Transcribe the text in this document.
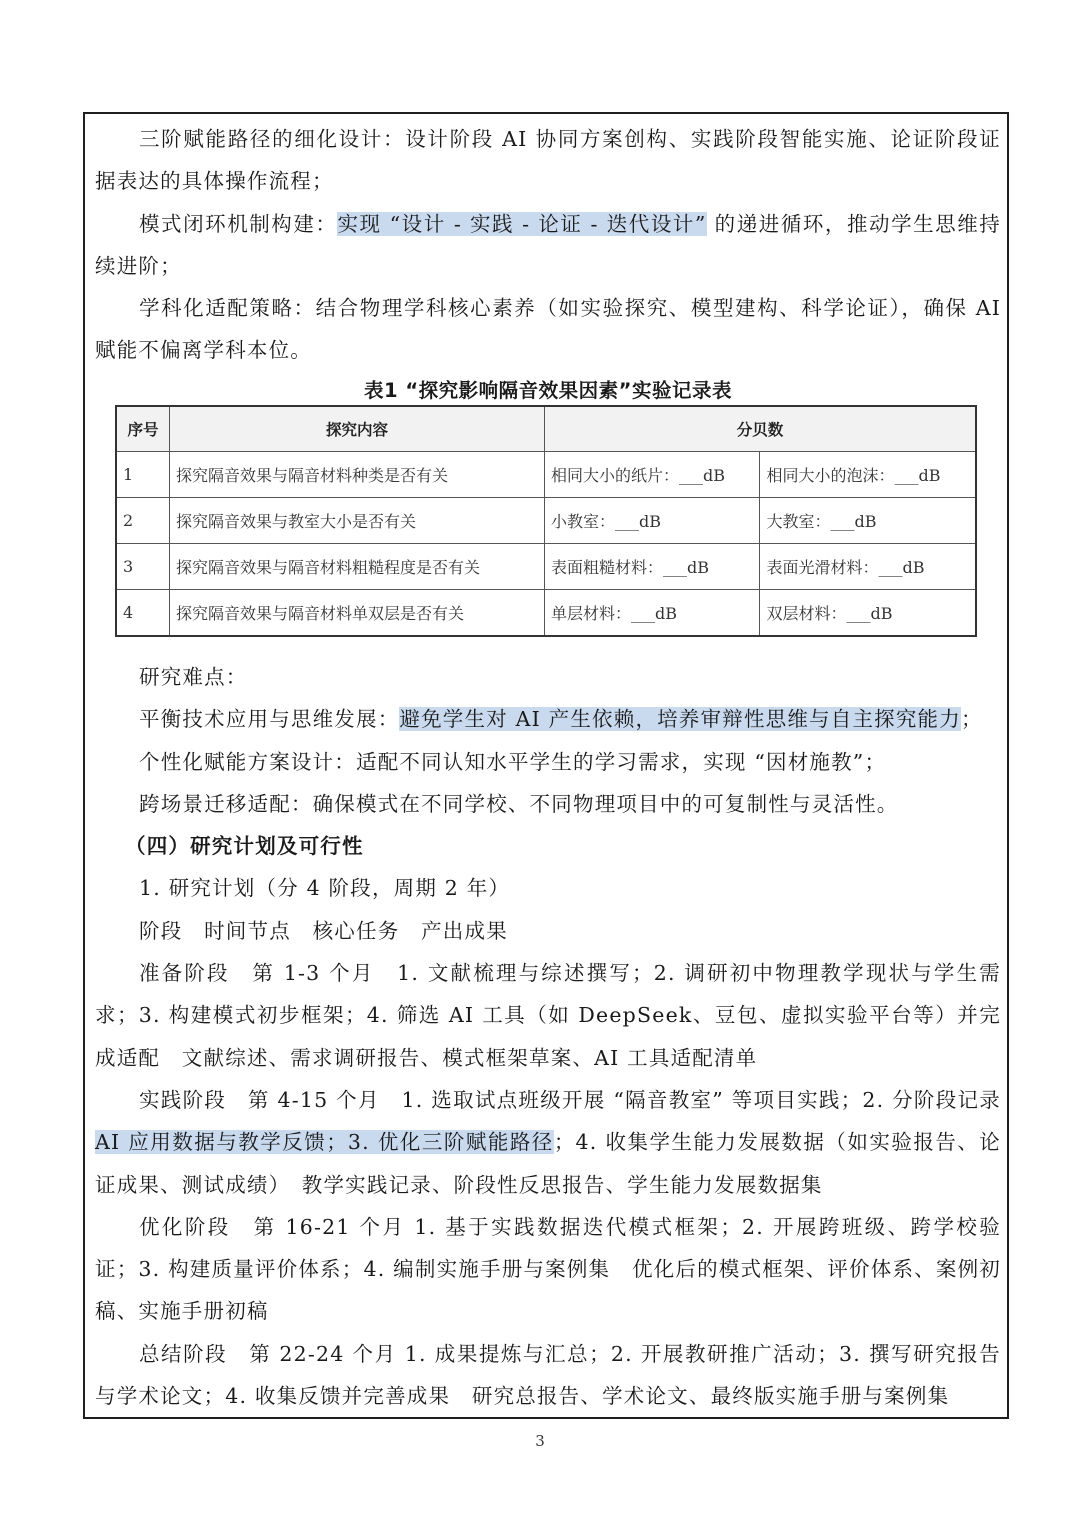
三阶赋能路径的细化设计：设计阶段 AI 协同方案创构、实践阶段智能实施、论证阶段证据表达的具体操作流程；

模式闭环机制构建：实现 “设计 - 实践 - 论证 - 迭代设计” 的递进循环，推动学生思维持续进阶；

学科化适配策略：结合物理学科核心素养（如实验探究、模型建构、科学论证），确保 AI 赋能不偏离学科本位。

表1 “探究影响隔音效果因素”实验记录表
序号	探究内容	分贝数	
1	探究隔音效果与隔音材料种类是否有关	相同大小的纸片：___dB	相同大小的泡沫：___dB
2	探究隔音效果与教室大小是否有关	小教室：___dB	大教室：___dB
3	探究隔音效果与隔音材料粗糙程度是否有关	表面粗糙材料：___dB	表面光滑材料：___dB
4	探究隔音效果与隔音材料单双层是否有关	单层材料：___dB	双层材料：___dB

研究难点：

平衡技术应用与思维发展：避免学生对 AI 产生依赖，培养审辩性思维与自主探究能力；

个性化赋能方案设计：适配不同认知水平学生的学习需求，实现 “因材施教”；

跨场景迁移适配：确保模式在不同学校、不同物理项目中的可复制性与灵活性。

（四）研究计划及可行性

1. 研究计划（分 4 阶段，周期 2 年）

阶段　时间节点　核心任务　产出成果

准备阶段　第 1-3 个月　1. 文献梳理与综述撰写；2. 调研初中物理教学现状与学生需求；3. 构建模式初步框架；4. 筛选 AI 工具（如 DeepSeek、豆包、虚拟实验平台等）并完成适配　文献综述、需求调研报告、模式框架草案、AI 工具适配清单

实践阶段　第 4-15 个月　1. 选取试点班级开展 “隔音教室” 等项目实践；2. 分阶段记录 AI 应用数据与教学反馈；3. 优化三阶赋能路径；4. 收集学生能力发展数据（如实验报告、论证成果、测试成绩）　教学实践记录、阶段性反思报告、学生能力发展数据集

优化阶段　第 16-21 个月 1. 基于实践数据迭代模式框架；2. 开展跨班级、跨学校验证；3. 构建质量评价体系；4. 编制实施手册与案例集　优化后的模式框架、评价体系、案例初稿、实施手册初稿

总结阶段　第 22-24 个月 1. 成果提炼与汇总；2. 开展教研推广活动；3. 撰写研究报告与学术论文；4. 收集反馈并完善成果　研究总报告、学术论文、最终版实施手册与案例集

3
